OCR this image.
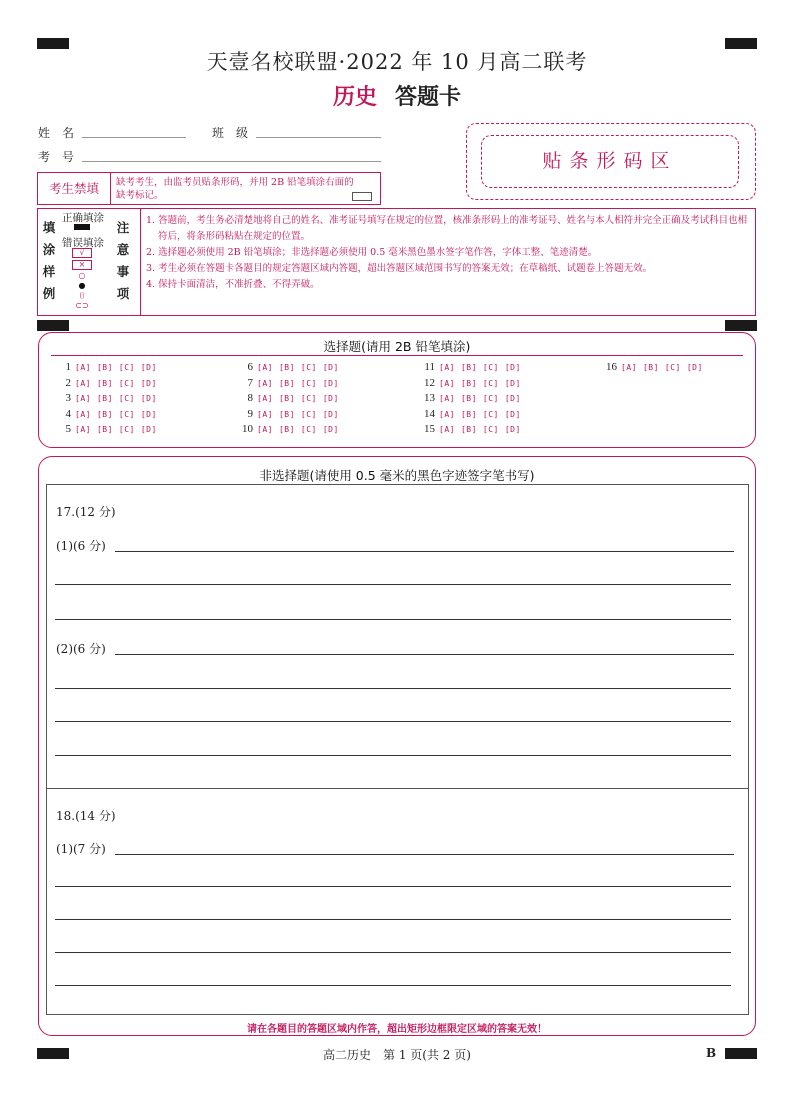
天壹名校联盟·2022 年 10 月高二联考
历史 答题卡
姓　名	班　级
考　号	贴条形码区
考生禁填	缺考考生，由监考员贴条形码，并用 2B 铅笔填涂右面的缺考标记。
填
涂
样
例
正确填涂
错误填涂
√
×
○
●
⌷
⊂⊃
注
意
事
项
1. 答题前，考生务必清楚地将自己的姓名、准考证号填写在规定的位置，核准条形码上的准考证号、姓名与本人相符并完全正确及考试科目也相符后，将条形码粘贴在规定的位置。
2. 选择题必须使用 2B 铅笔填涂；非选择题必须使用 0.5 毫米黑色墨水签字笔作答，字体工整、笔迹清楚。
3. 考生必须在答题卡各题目的规定答题区域内答题，超出答题区域范围书写的答案无效；在草稿纸、试题卷上答题无效。
4. 保持卡面清洁，不准折叠、不得弄破。
选择题(请用 2B 铅笔填涂)
1 [A] [B] [C] [D]
2 [A] [B] [C] [D]
3 [A] [B] [C] [D]
4 [A] [B] [C] [D]
5 [A] [B] [C] [D]
6 [A] [B] [C] [D]
7 [A] [B] [C] [D]
8 [A] [B] [C] [D]
9 [A] [B] [C] [D]
10 [A] [B] [C] [D]
11 [A] [B] [C] [D]
12 [A] [B] [C] [D]
13 [A] [B] [C] [D]
14 [A] [B] [C] [D]
15 [A] [B] [C] [D]
16 [A] [B] [C] [D]
非选择题(请使用 0.5 毫米的黑色字迹签字笔书写)
17.(12 分)
(1)(6 分)
(2)(6 分)
18.(14 分)
(1)(7 分)
请在各题目的答题区域内作答，超出矩形边框限定区域的答案无效！
高二历史　第 1 页(共 2 页)	B
